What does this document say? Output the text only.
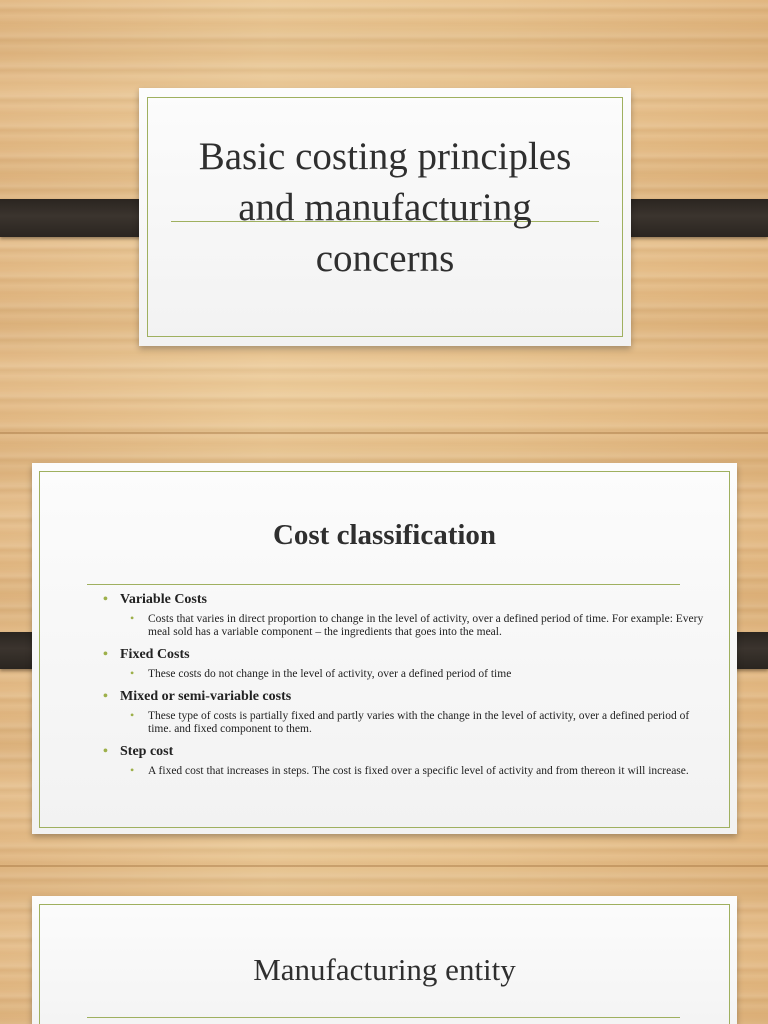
Basic costing principles and manufacturing concerns
Cost classification
• Variable Costs
• Costs that varies in direct proportion to change in the level of activity, over a defined period of time. For example: Every meal sold has a variable component – the ingredients that goes into the meal.
• Fixed Costs
• These costs do not change in the level of activity, over a defined period of time
• Mixed or semi-variable costs
• These type of costs is partially fixed and partly varies with the change in the level of activity, over a defined period of time. and fixed component to them.
• Step cost
• A fixed cost that increases in steps. The cost is fixed over a specific level of activity and from thereon it will increase.
Manufacturing entity
